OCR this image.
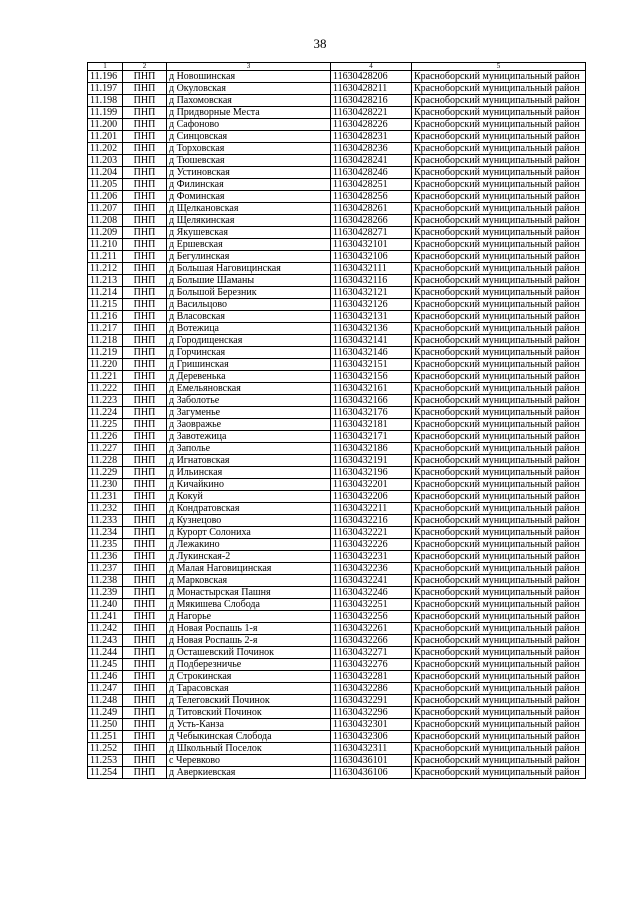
38
1	2	3	4	5
11.196	ПНП	д Новошинская	11630428206	Красноборский муниципальный район
11.197	ПНП	д Окуловская	11630428211	Красноборский муниципальный район
11.198	ПНП	д Пахомовская	11630428216	Красноборский муниципальный район
11.199	ПНП	д Придворные Места	11630428221	Красноборский муниципальный район
11.200	ПНП	д Сафоново	11630428226	Красноборский муниципальный район
11.201	ПНП	д Синцовская	11630428231	Красноборский муниципальный район
11.202	ПНП	д Торховская	11630428236	Красноборский муниципальный район
11.203	ПНП	д Тюшевская	11630428241	Красноборский муниципальный район
11.204	ПНП	д Устиновская	11630428246	Красноборский муниципальный район
11.205	ПНП	д Филинская	11630428251	Красноборский муниципальный район
11.206	ПНП	д Фоминская	11630428256	Красноборский муниципальный район
11.207	ПНП	д Щелкановская	11630428261	Красноборский муниципальный район
11.208	ПНП	д Щелякинская	11630428266	Красноборский муниципальный район
11.209	ПНП	д Якушевская	11630428271	Красноборский муниципальный район
11.210	ПНП	д Ершевская	11630432101	Красноборский муниципальный район
11.211	ПНП	д Бегулинская	11630432106	Красноборский муниципальный район
11.212	ПНП	д Большая Наговицинская	11630432111	Красноборский муниципальный район
11.213	ПНП	д Большие Шаманы	11630432116	Красноборский муниципальный район
11.214	ПНП	д Большой Березник	11630432121	Красноборский муниципальный район
11.215	ПНП	д Васильцово	11630432126	Красноборский муниципальный район
11.216	ПНП	д Власовская	11630432131	Красноборский муниципальный район
11.217	ПНП	д Вотежица	11630432136	Красноборский муниципальный район
11.218	ПНП	д Городищенская	11630432141	Красноборский муниципальный район
11.219	ПНП	д Горчинская	11630432146	Красноборский муниципальный район
11.220	ПНП	д Гришинская	11630432151	Красноборский муниципальный район
11.221	ПНП	д Деревенька	11630432156	Красноборский муниципальный район
11.222	ПНП	д Емельяновская	11630432161	Красноборский муниципальный район
11.223	ПНП	д Заболотье	11630432166	Красноборский муниципальный район
11.224	ПНП	д Загуменье	11630432176	Красноборский муниципальный район
11.225	ПНП	д Заовражье	11630432181	Красноборский муниципальный район
11.226	ПНП	д Завотежица	11630432171	Красноборский муниципальный район
11.227	ПНП	д Заполье	11630432186	Красноборский муниципальный район
11.228	ПНП	д Игнатовская	11630432191	Красноборский муниципальный район
11.229	ПНП	д Ильинская	11630432196	Красноборский муниципальный район
11.230	ПНП	д Кичайкино	11630432201	Красноборский муниципальный район
11.231	ПНП	д Кокуй	11630432206	Красноборский муниципальный район
11.232	ПНП	д Кондратовская	11630432211	Красноборский муниципальный район
11.233	ПНП	д Кузнецово	11630432216	Красноборский муниципальный район
11.234	ПНП	д Курорт Солониха	11630432221	Красноборский муниципальный район
11.235	ПНП	д Лежакино	11630432226	Красноборский муниципальный район
11.236	ПНП	д Лукинская-2	11630432231	Красноборский муниципальный район
11.237	ПНП	д Малая Наговицинская	11630432236	Красноборский муниципальный район
11.238	ПНП	д Марковская	11630432241	Красноборский муниципальный район
11.239	ПНП	д Монастырская Пашня	11630432246	Красноборский муниципальный район
11.240	ПНП	д Мякишева Слобода	11630432251	Красноборский муниципальный район
11.241	ПНП	д Нагорье	11630432256	Красноборский муниципальный район
11.242	ПНП	д Новая Роспашь 1-я	11630432261	Красноборский муниципальный район
11.243	ПНП	д Новая Роспашь 2-я	11630432266	Красноборский муниципальный район
11.244	ПНП	д Осташевский Починок	11630432271	Красноборский муниципальный район
11.245	ПНП	д Подберезничье	11630432276	Красноборский муниципальный район
11.246	ПНП	д Строкинская	11630432281	Красноборский муниципальный район
11.247	ПНП	д Тарасовская	11630432286	Красноборский муниципальный район
11.248	ПНП	д Телеговский Починок	11630432291	Красноборский муниципальный район
11.249	ПНП	д Титовский Починок	11630432296	Красноборский муниципальный район
11.250	ПНП	д Усть-Канза	11630432301	Красноборский муниципальный район
11.251	ПНП	д Чебыкинская Слобода	11630432306	Красноборский муниципальный район
11.252	ПНП	д Школьный Поселок	11630432311	Красноборский муниципальный район
11.253	ПНП	с Черевково	11630436101	Красноборский муниципальный район
11.254	ПНП	д Аверкиевская	11630436106	Красноборский муниципальный район
